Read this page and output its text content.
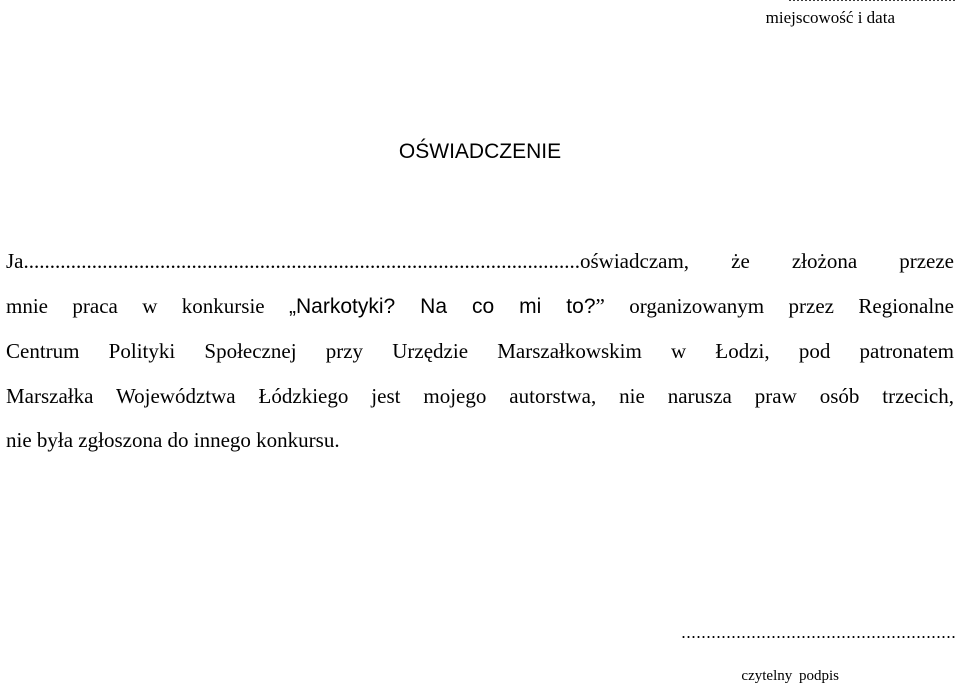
miejscowość i data
OŚWIADCZENIE
Ja..........................................................................................................oświadczam, że złożona przeze
mnie praca w konkursie „Narkotyki? Na co mi to?” organizowanym przez Regionalne
Centrum Polityki Społecznej przy Urzędzie Marszałkowskim w Łodzi, pod patronatem
Marszałka Województwa Łódzkiego jest mojego autorstwa, nie narusza praw osób trzecich,
nie była zgłoszona do innego konkursu.
.......................................................
czytelny podpis
